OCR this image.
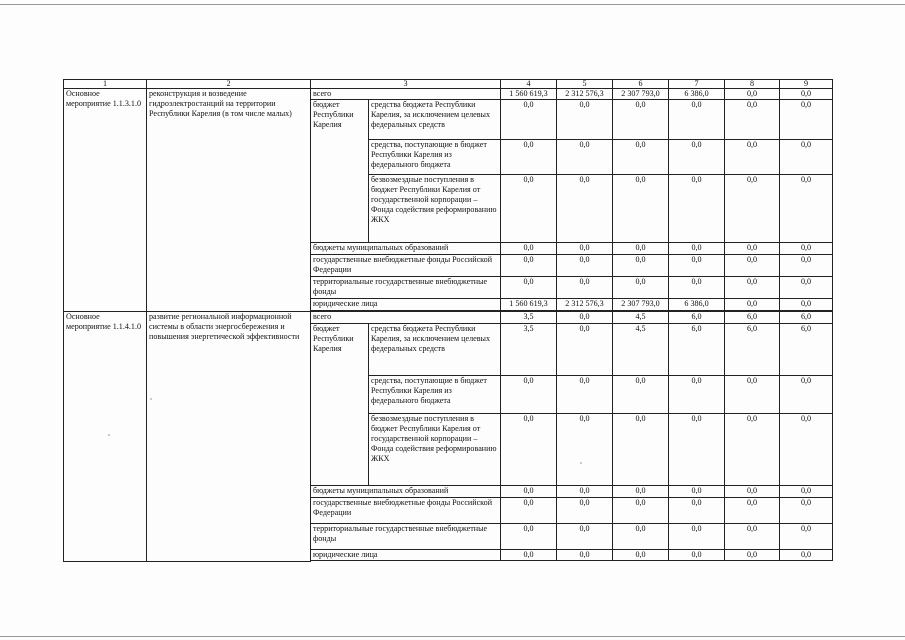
1	2	3		4	5	6	7	8	9
Основное мероприятие 1.1.3.1.0	реконструкция и возведение гидроэлектростанций на территории Республики Карелия (в том числе малых)	всего		1 560 619,3	2 312 576,3	2 307 793,0	6 386,0	0,0	0,0
		бюджет Республики Карелия	средства бюджета Республики Карелия, за исключением целевых федеральных средств	0,0	0,0	0,0	0,0	0,0	0,0
			средства, поступающие в бюджет Республики Карелия из федерального бюджета	0,0	0,0	0,0	0,0	0,0	0,0
			безвозмездные поступления в бюджет Республики Карелия от государственной корпорации – Фонда содействия реформированию ЖКХ	0,0	0,0	0,0	0,0	0,0	0,0
		бюджеты муниципальных образований		0,0	0,0	0,0	0,0	0,0	0,0
		государственные внебюджетные фонды Российской Федерации		0,0	0,0	0,0	0,0	0,0	0,0
		территориальные государственные внебюджетные фонды		0,0	0,0	0,0	0,0	0,0	0,0
		юридические лица		1 560 619,3	2 312 576,3	2 307 793,0	6 386,0	0,0	0,0

Основное мероприятие 1.1.4.1.0	развитие региональной информационной системы в области энергосбережения и повышения энергетической эффективности	всего		3,5	0,0	4,5	6,0	6,0	6,0
		бюджет Республики Карелия	средства бюджета Республики Карелия, за исключением целевых федеральных средств	3,5	0,0	4,5	6,0	6,0	6,0
			средства, поступающие в бюджет Республики Карелия из федерального бюджета	0,0	0,0	0,0	0,0	0,0	0,0
			безвозмездные поступления в бюджет Республики Карелия от государственной корпорации – Фонда содействия реформированию ЖКХ	0,0	0,0	0,0	0,0	0,0	0,0
		бюджеты муниципальных образований		0,0	0,0	0,0	0,0	0,0	0,0
		государственные внебюджетные фонды Российской Федерации		0,0	0,0	0,0	0,0	0,0	0,0
		территориальные государственные внебюджетные фонды		0,0	0,0	0,0	0,0	0,0	0,0
		юридические лица		0,0	0,0	0,0	0,0	0,0	0,0
